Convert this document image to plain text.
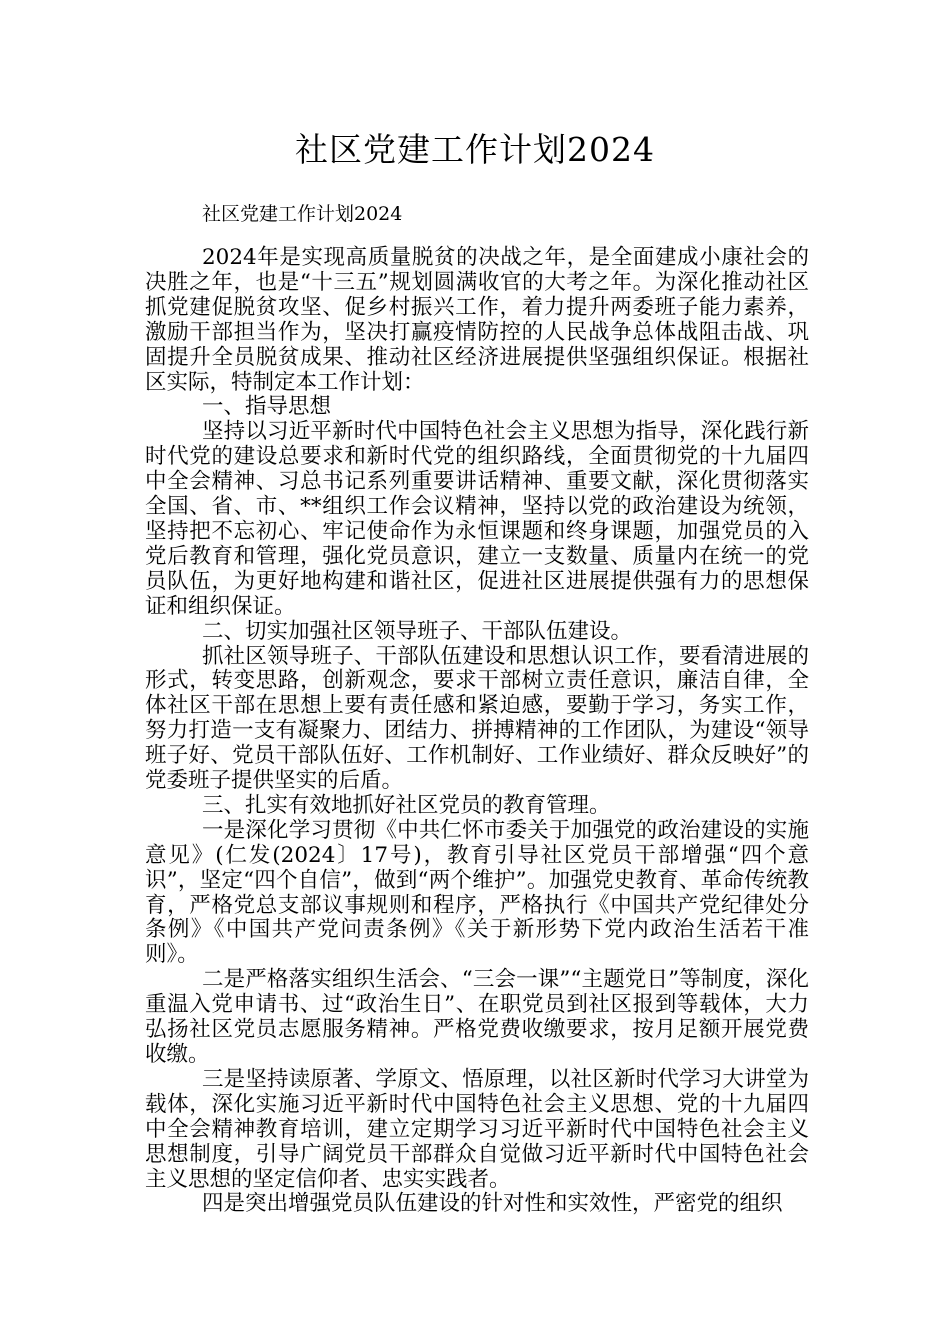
社区党建工作计划2024
社区党建工作计划2024

2024年是实现高质量脱贫的决战之年，是全面建成小康社会的决胜之年，也是“十三五”规划圆满收官的大考之年。为深化推动社区抓党建促脱贫攻坚、促乡村振兴工作，着力提升两委班子能力素养，激励干部担当作为，坚决打赢疫情防控的人民战争总体战阻击战、巩固提升全员脱贫成果、推动社区经济进展提供坚强组织保证。根据社区实际，特制定本工作计划：

一、指导思想

坚持以习近平新时代中国特色社会主义思想为指导，深化践行新时代党的建设总要求和新时代党的组织路线，全面贯彻党的十九届四中全会精神、习总书记系列重要讲话精神、重要文献，深化贯彻落实全国、省、市、**组织工作会议精神，坚持以党的政治建设为统领，坚持把不忘初心、牢记使命作为永恒课题和终身课题，加强党员的入党后教育和管理，强化党员意识，建立一支数量、质量内在统一的党员队伍，为更好地构建和谐社区，促进社区进展提供强有力的思想保证和组织保证。

二、切实加强社区领导班子、干部队伍建设。

抓社区领导班子、干部队伍建设和思想认识工作，要看清进展的形式，转变思路，创新观念，要求干部树立责任意识，廉洁自律，全体社区干部在思想上要有责任感和紧迫感，要勤于学习，务实工作，努力打造一支有凝聚力、团结力、拼搏精神的工作团队，为建设“领导班子好、党员干部队伍好、工作机制好、工作业绩好、群众反映好”的党委班子提供坚实的后盾。

三、扎实有效地抓好社区党员的教育管理。

一是深化学习贯彻《中共仁怀市委关于加强党的政治建设的实施意见》(仁发(2024〕17号)，教育引导社区党员干部增强“四个意识”，坚定“四个自信”，做到“两个维护”。加强党史教育、革命传统教育，严格党总支部议事规则和程序，严格执行《中国共产党纪律处分条例》《中国共产党问责条例》《关于新形势下党内政治生活若干准则》。

二是严格落实组织生活会、“三会一课”“主题党日”等制度，深化重温入党申请书、过“政治生日”、在职党员到社区报到等载体，大力弘扬社区党员志愿服务精神。严格党费收缴要求，按月足额开展党费收缴。

三是坚持读原著、学原文、悟原理，以社区新时代学习大讲堂为载体，深化实施习近平新时代中国特色社会主义思想、党的十九届四中全会精神教育培训，建立定期学习习近平新时代中国特色社会主义思想制度，引导广阔党员干部群众自觉做习近平新时代中国特色社会主义思想的坚定信仰者、忠实实践者。

四是突出增强党员队伍建设的针对性和实效性，严密党的组织
